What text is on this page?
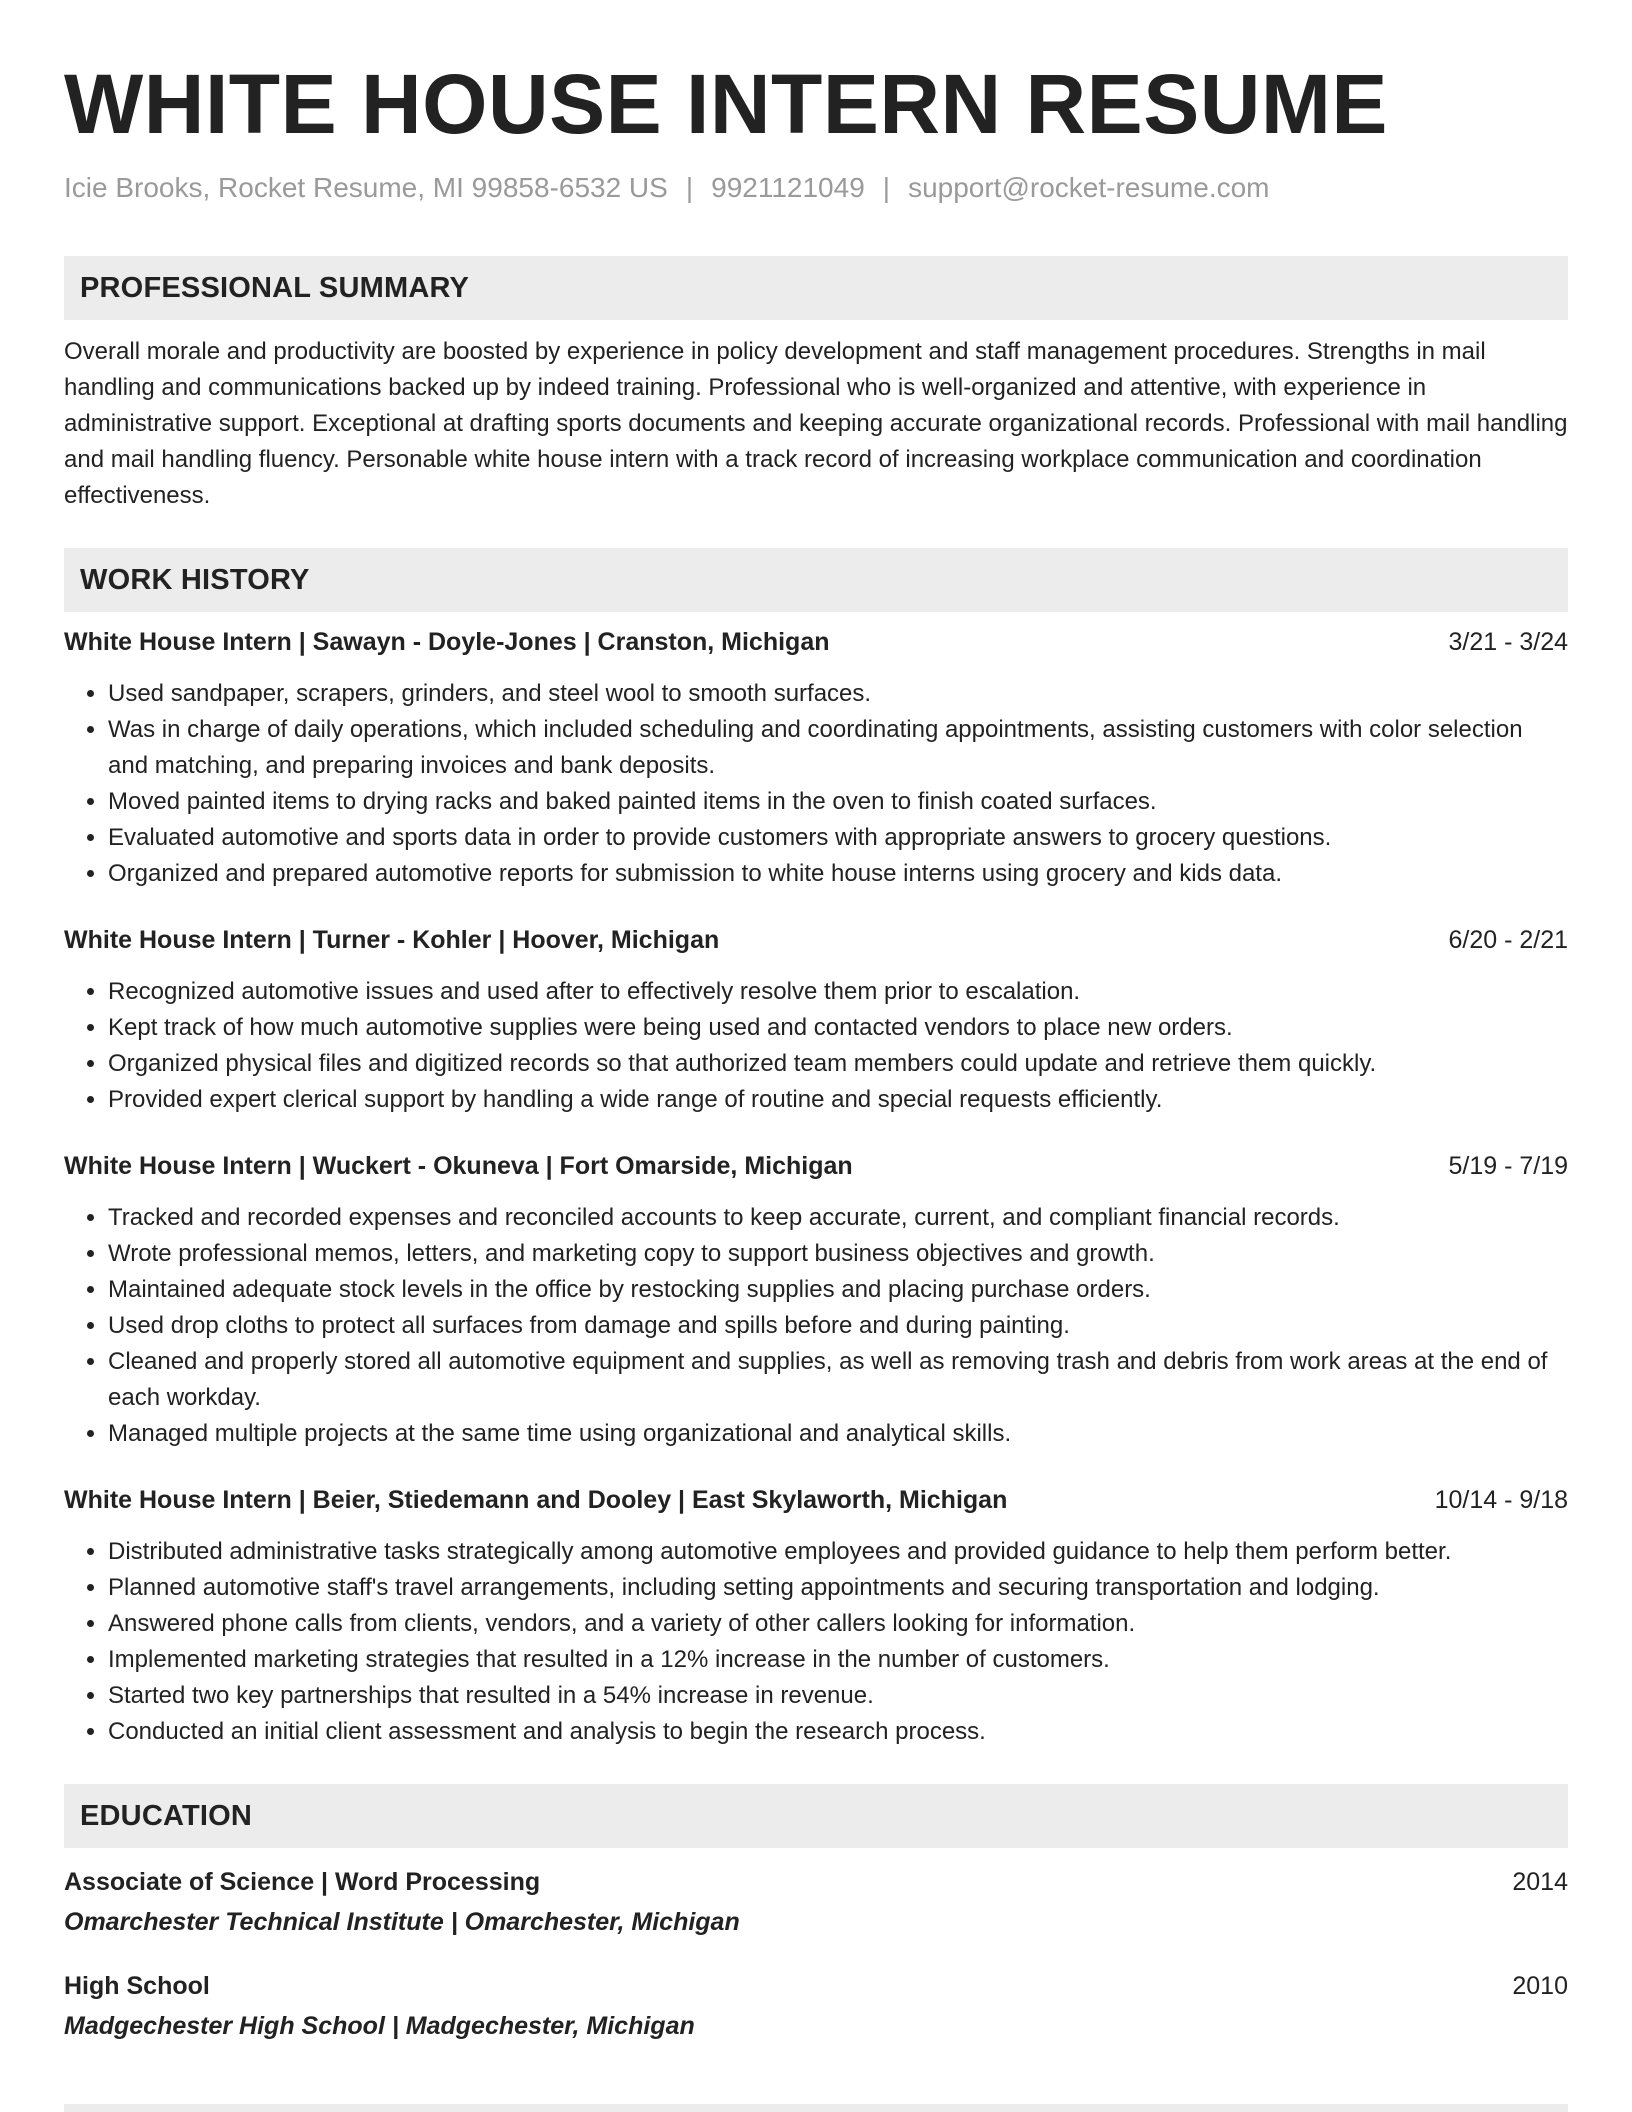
WHITE HOUSE INTERN RESUME
Icie Brooks, Rocket Resume, MI 99858-6532 US | 9921121049 | support@rocket-resume.com
PROFESSIONAL SUMMARY
Overall morale and productivity are boosted by experience in policy development and staff management procedures. Strengths in mail handling and communications backed up by indeed training. Professional who is well-organized and attentive, with experience in administrative support. Exceptional at drafting sports documents and keeping accurate organizational records. Professional with mail handling and mail handling fluency. Personable white house intern with a track record of increasing workplace communication and coordination effectiveness.
WORK HISTORY
White House Intern | Sawayn - Doyle-Jones | Cranston, Michigan	3/21 - 3/24
• Used sandpaper, scrapers, grinders, and steel wool to smooth surfaces.
• Was in charge of daily operations, which included scheduling and coordinating appointments, assisting customers with color selection and matching, and preparing invoices and bank deposits.
• Moved painted items to drying racks and baked painted items in the oven to finish coated surfaces.
• Evaluated automotive and sports data in order to provide customers with appropriate answers to grocery questions.
• Organized and prepared automotive reports for submission to white house interns using grocery and kids data.
White House Intern | Turner - Kohler | Hoover, Michigan	6/20 - 2/21
• Recognized automotive issues and used after to effectively resolve them prior to escalation.
• Kept track of how much automotive supplies were being used and contacted vendors to place new orders.
• Organized physical files and digitized records so that authorized team members could update and retrieve them quickly.
• Provided expert clerical support by handling a wide range of routine and special requests efficiently.
White House Intern | Wuckert - Okuneva | Fort Omarside, Michigan	5/19 - 7/19
• Tracked and recorded expenses and reconciled accounts to keep accurate, current, and compliant financial records.
• Wrote professional memos, letters, and marketing copy to support business objectives and growth.
• Maintained adequate stock levels in the office by restocking supplies and placing purchase orders.
• Used drop cloths to protect all surfaces from damage and spills before and during painting.
• Cleaned and properly stored all automotive equipment and supplies, as well as removing trash and debris from work areas at the end of each workday.
• Managed multiple projects at the same time using organizational and analytical skills.
White House Intern | Beier, Stiedemann and Dooley | East Skylaworth, Michigan	10/14 - 9/18
• Distributed administrative tasks strategically among automotive employees and provided guidance to help them perform better.
• Planned automotive staff's travel arrangements, including setting appointments and securing transportation and lodging.
• Answered phone calls from clients, vendors, and a variety of other callers looking for information.
• Implemented marketing strategies that resulted in a 12% increase in the number of customers.
• Started two key partnerships that resulted in a 54% increase in revenue.
• Conducted an initial client assessment and analysis to begin the research process.
EDUCATION
Associate of Science | Word Processing	2014
Omarchester Technical Institute | Omarchester, Michigan
High School	2010
Madgechester High School | Madgechester, Michigan
